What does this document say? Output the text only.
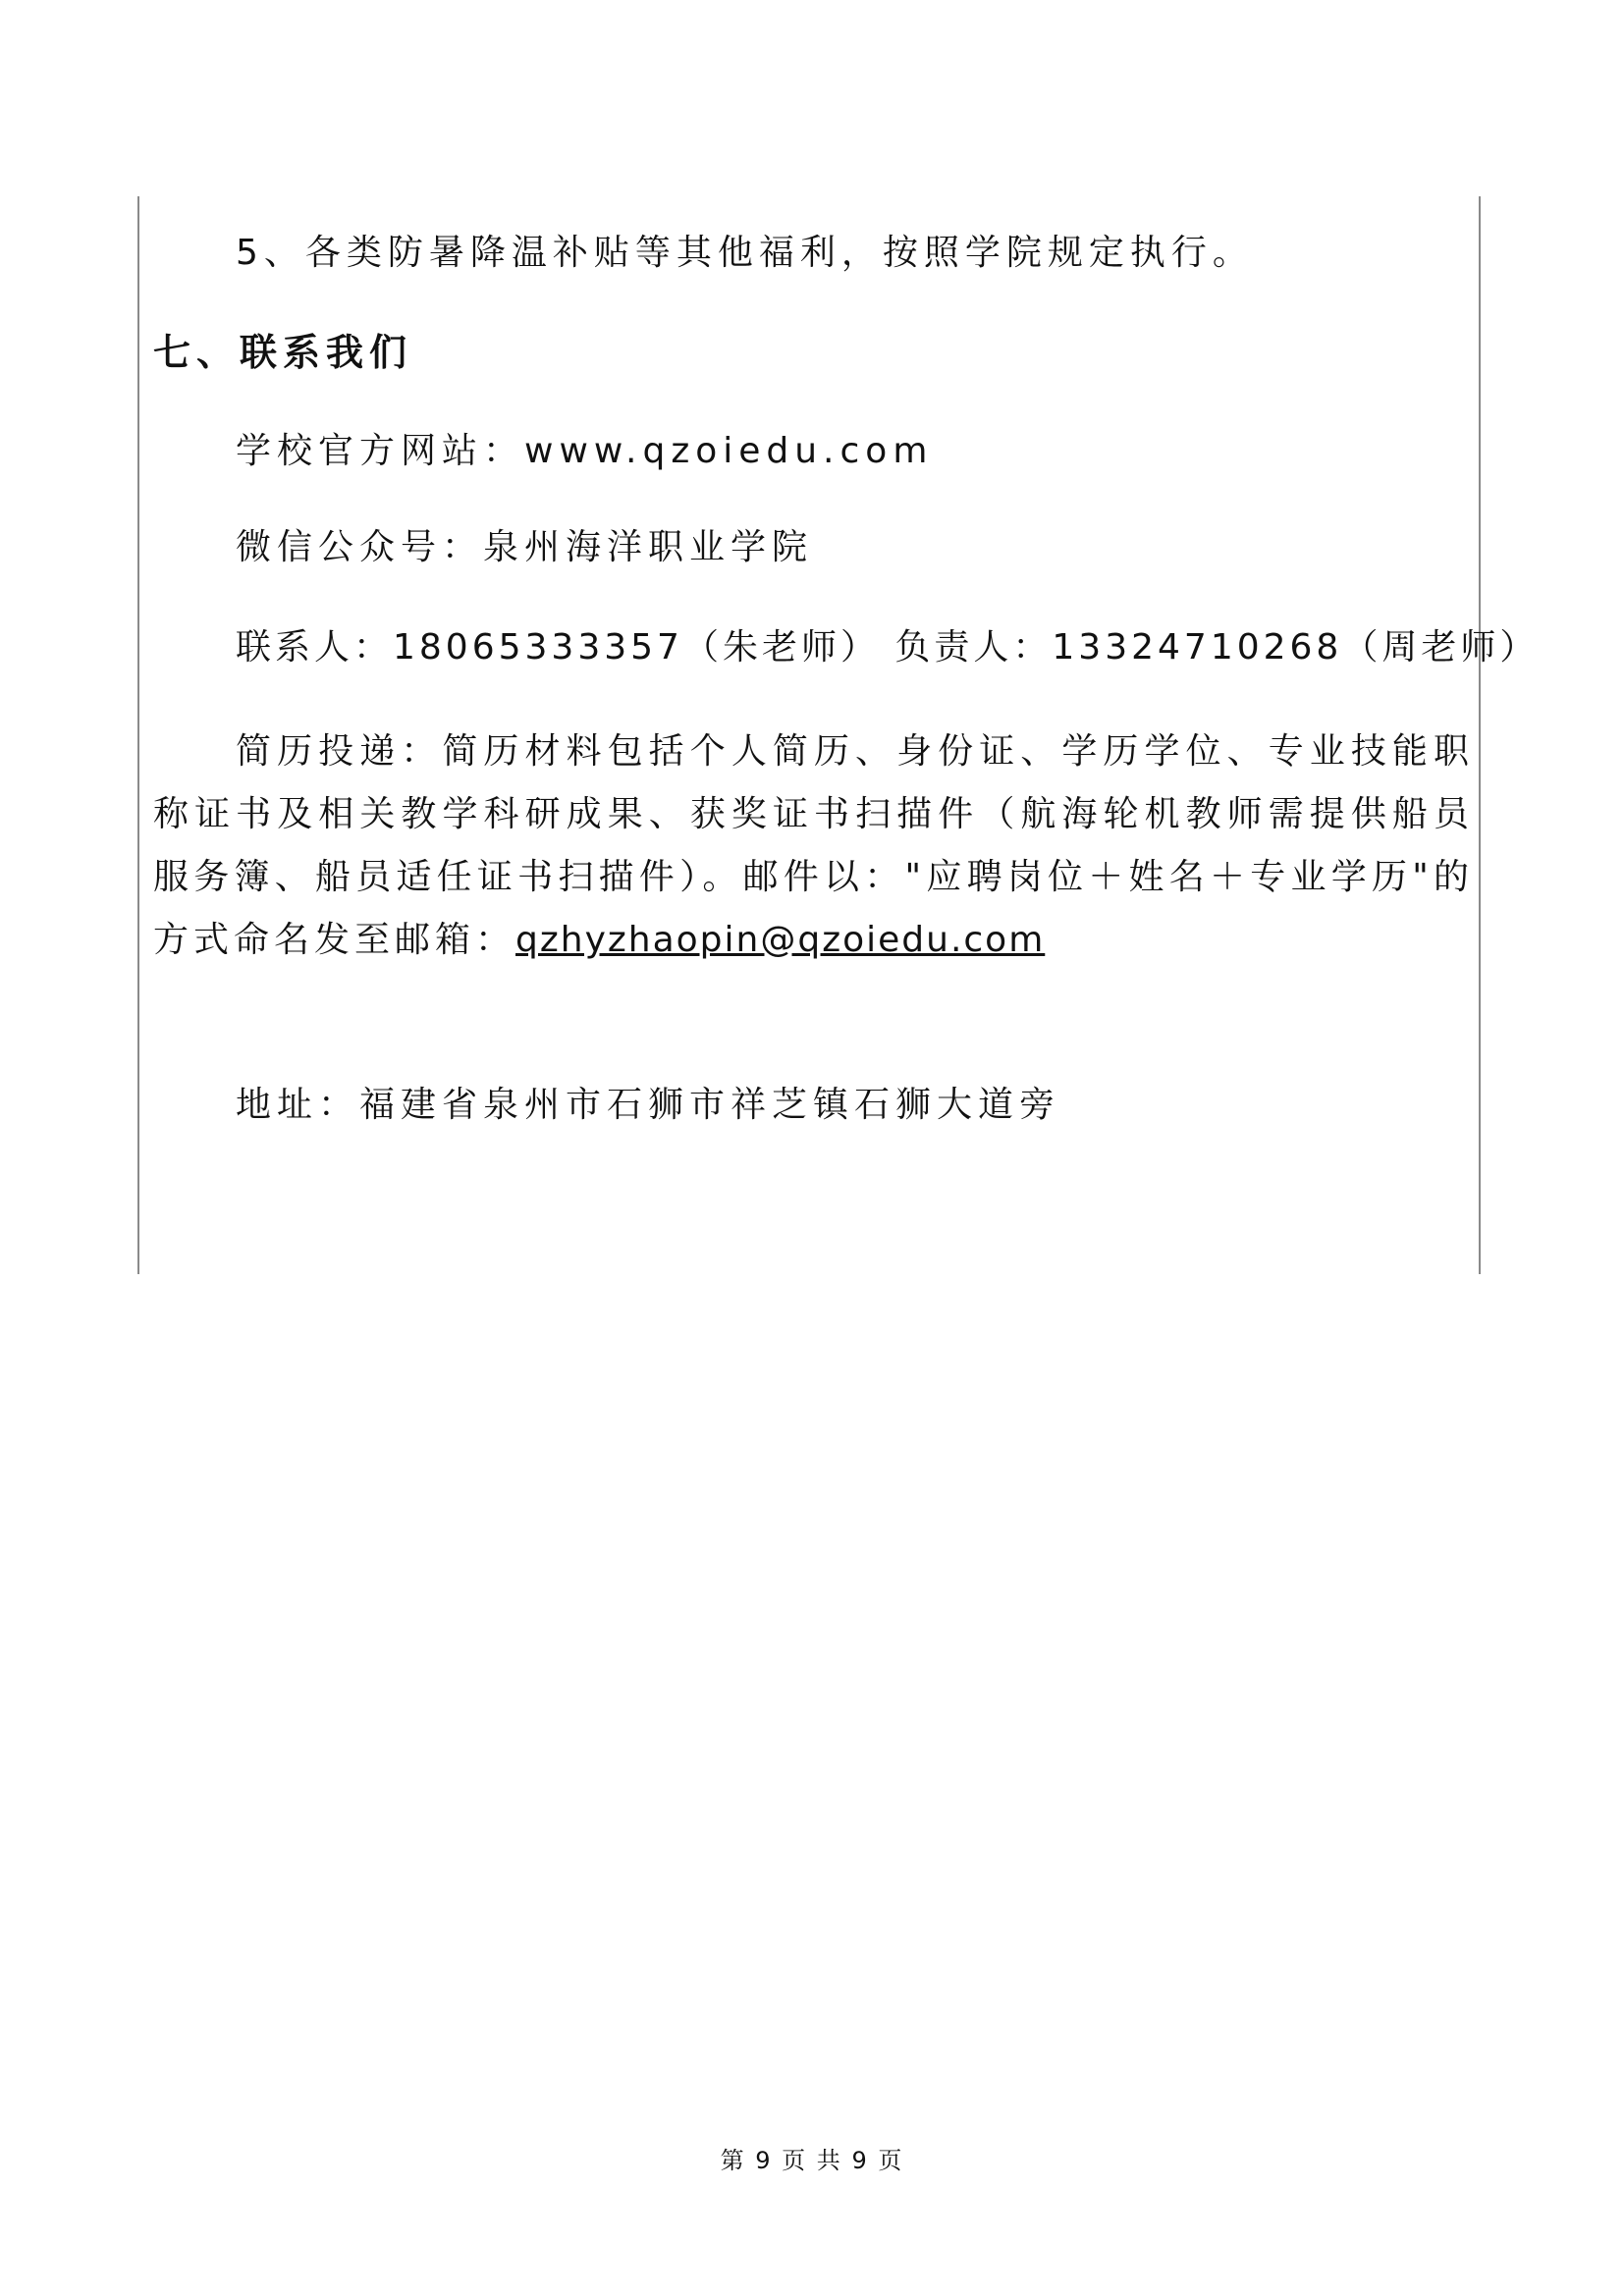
5、各类防暑降温补贴等其他福利，按照学院规定执行。
七、联系我们
学校官方网站：www.qzoiedu.com
微信公众号：泉州海洋职业学院
联系人：18065333357（朱老师） 负责人：13324710268（周老师）
简历投递：简历材料包括个人简历、身份证、学历学位、专业技能职称证书及相关教学科研成果、获奖证书扫描件（航海轮机教师需提供船员服务簿、船员适任证书扫描件）。邮件以："应聘岗位＋姓名＋专业学历"的方式命名发至邮箱：qzhyzhaopin@qzoiedu.com
地址：福建省泉州市石狮市祥芝镇石狮大道旁
第 9 页 共 9 页
